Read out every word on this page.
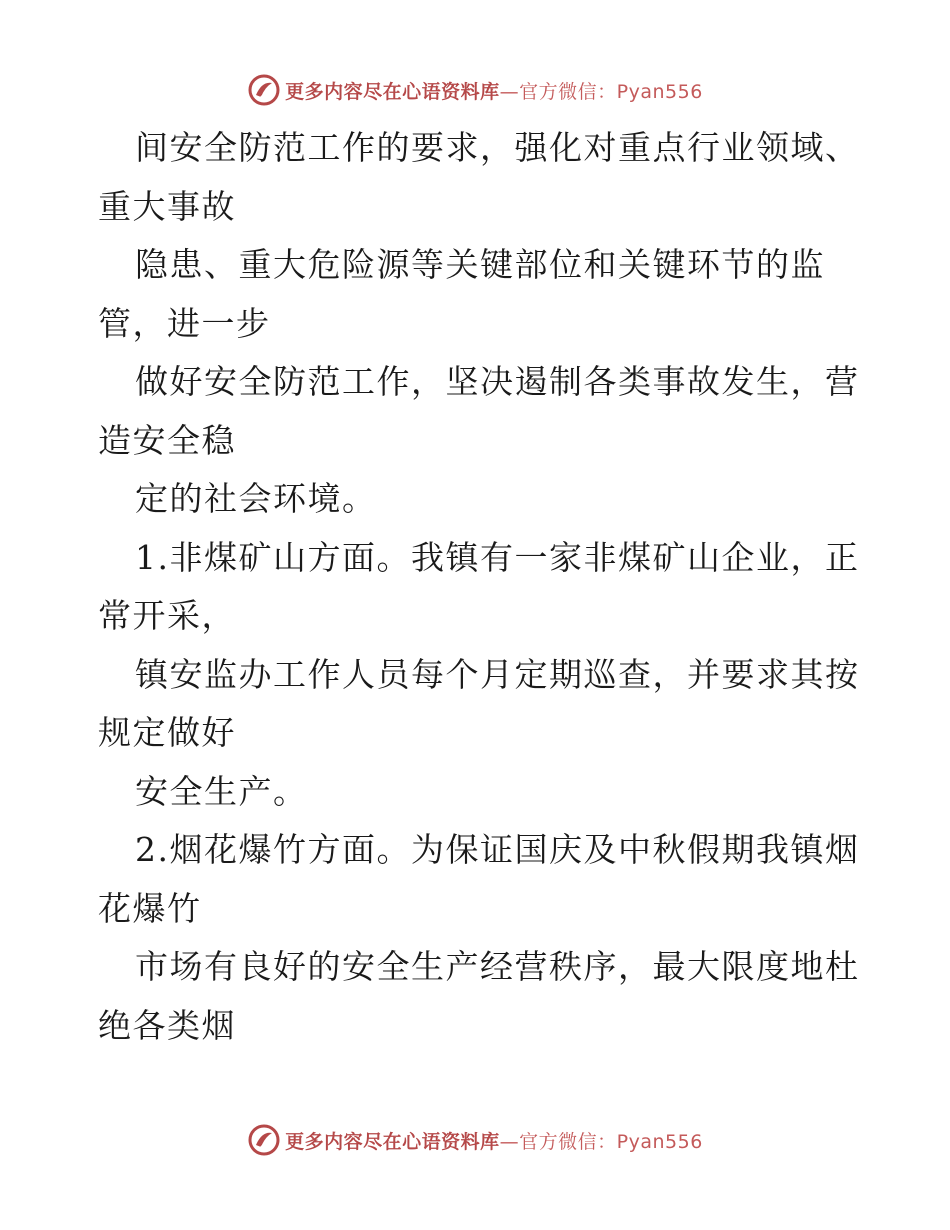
更多内容尽在心语资料库—官方微信：Pyan556
间安全防范工作的要求，强化对重点行业领域、
重大事故
隐患、重大危险源等关键部位和关键环节的监
管，进一步
做好安全防范工作，坚决遏制各类事故发生，营
造安全稳
定的社会环境。
1.非煤矿山方面。我镇有一家非煤矿山企业，正
常开采，
镇安监办工作人员每个月定期巡查，并要求其按
规定做好
安全生产。
2.烟花爆竹方面。为保证国庆及中秋假期我镇烟
花爆竹
市场有良好的安全生产经营秩序，最大限度地杜
绝各类烟
更多内容尽在心语资料库—官方微信：Pyan556
